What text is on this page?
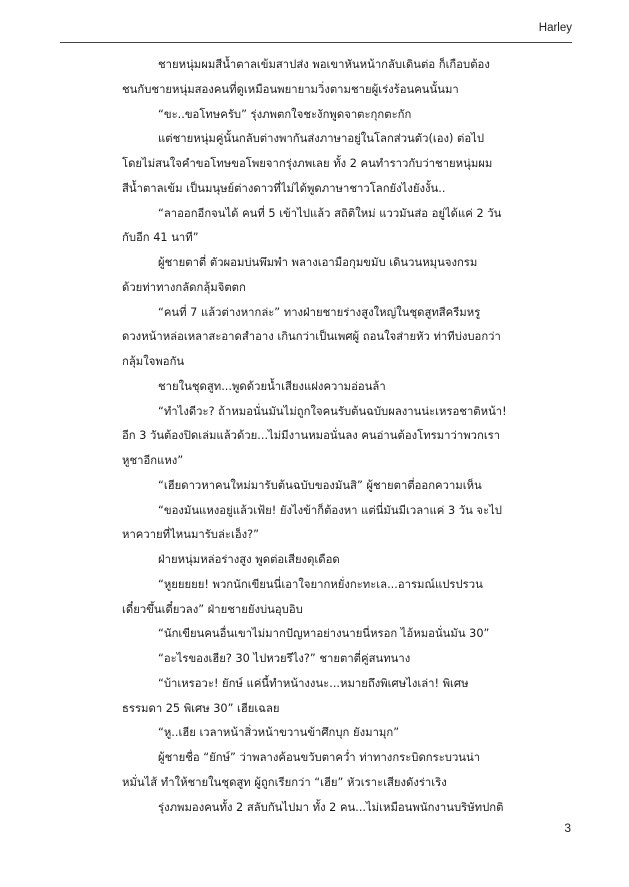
Harley

ชายหนุ่มผมสีน้ำตาลเข้มสาปส่ง พอเขาหันหน้ากลับเดินต่อ ก็เกือบต้อง
ชนกับชายหนุ่มสองคนที่ดูเหมือนพยายามวิ่งตามชายผู้เร่งร้อนคนนั้นมา

“ขะ..ขอโทษครับ” รุ่งภพตกใจชะงักพูดจาตะกุกตะกัก

แต่ชายหนุ่มคู่นั้นกลับต่างพากันส่งภาษาอยู่ในโลกส่วนตัว(เอง) ต่อไป
โดยไม่สนใจคำขอโทษขอโพยจากรุ่งภพเลย ทั้ง 2 คนทำราวกับว่าชายหนุ่มผม
สีน้ำตาลเข้ม เป็นมนุษย์ต่างดาวที่ไม่ได้พูดภาษาชาวโลกยังไงยังงั้น..

“ลาออกอีกจนได้ คนที่ 5 เข้าไปแล้ว สถิติใหม่ แววมันส่อ อยู่ได้แค่ 2 วัน
กับอีก 41 นาที”

ผู้ชายตาตี่ ตัวผอมบ่นพึมพำ พลางเอามือกุมขมับ เดินวนหมุนจงกรม
ด้วยท่าทางกลัดกลุ้มจิตตก

“คนที่ 7 แล้วต่างหากล่ะ” ทางฝ่ายชายร่างสูงใหญ่ในชุดสูทสีครีมหรู
ดวงหน้าหล่อเหลาสะอาดสำอาง เกินกว่าเป็นเพศผู้ ถอนใจส่ายหัว ท่าทีบ่งบอกว่า
กลุ้มใจพอกัน

ชายในชุดสูท...พูดด้วยน้ำเสียงแฝงความอ่อนล้า

“ทำไงดีวะ? ถ้าหมอนั่นมันไม่ถูกใจคนรับต้นฉบับผลงานน่ะเหรอชาติหน้า!
อีก 3 วันต้องปิดเล่มแล้วด้วย...ไม่มีงานหมอนั่นลง คนอ่านต้องโทรมาว่าพวกเรา
หูชาอีกแหง”

“เฮียดาวหาคนใหม่มารับต้นฉบับของมันสิ” ผู้ชายตาตี่ออกความเห็น

“ของมันแหงอยู่แล้วเฟ้ย! ยังไงข้าก็ต้องหา แต่นี่มันมีเวลาแค่ 3 วัน จะไป
หาควายที่ไหนมารับล่ะเอ็ง?”

ฝ่ายหนุ่มหล่อร่างสูง พูดต่อเสียงดุเดือด

“หูยยยยย! พวกนักเขียนนี่เอาใจยากหยั่งกะทะเล...อารมณ์แปรปรวน
เดี๋ยวขึ้นเดี๋ยวลง” ฝ่ายชายยังบ่นอุบอิบ

“นักเขียนคนอื่นเขาไม่มากปัญหาอย่างนายนี่หรอก ไอ้หมอนั่นมัน 30”

“อะไรของเฮีย? 30 ไปหวยรึไง?” ชายตาตี่คู่สนทนาง

“บ้าเหรอวะ! ยักษ์ แค่นี้ทำหน้างงนะ...หมายถึงพิเศษไงเล่า! พิเศษ
ธรรมดา 25 พิเศษ 30” เฮียเฉลย

“หู..เฮีย เวลาหน้าสิ่วหน้าขวานข้าศึกบุก ยังมามุก”

ผู้ชายชื่อ “ยักษ์” ว่าพลางค้อนขวับตาคว่ำ ท่าทางกระบิดกระบวนน่า
หมั่นไส้ ทำให้ชายในชุดสูท ผู้ถูกเรียกว่า “เฮีย” หัวเราะเสียงดังร่าเริง

รุ่งภพมองคนทั้ง 2 สลับกันไปมา ทั้ง 2 คน...ไม่เหมือนพนักงานบริษัทปกติ

3
